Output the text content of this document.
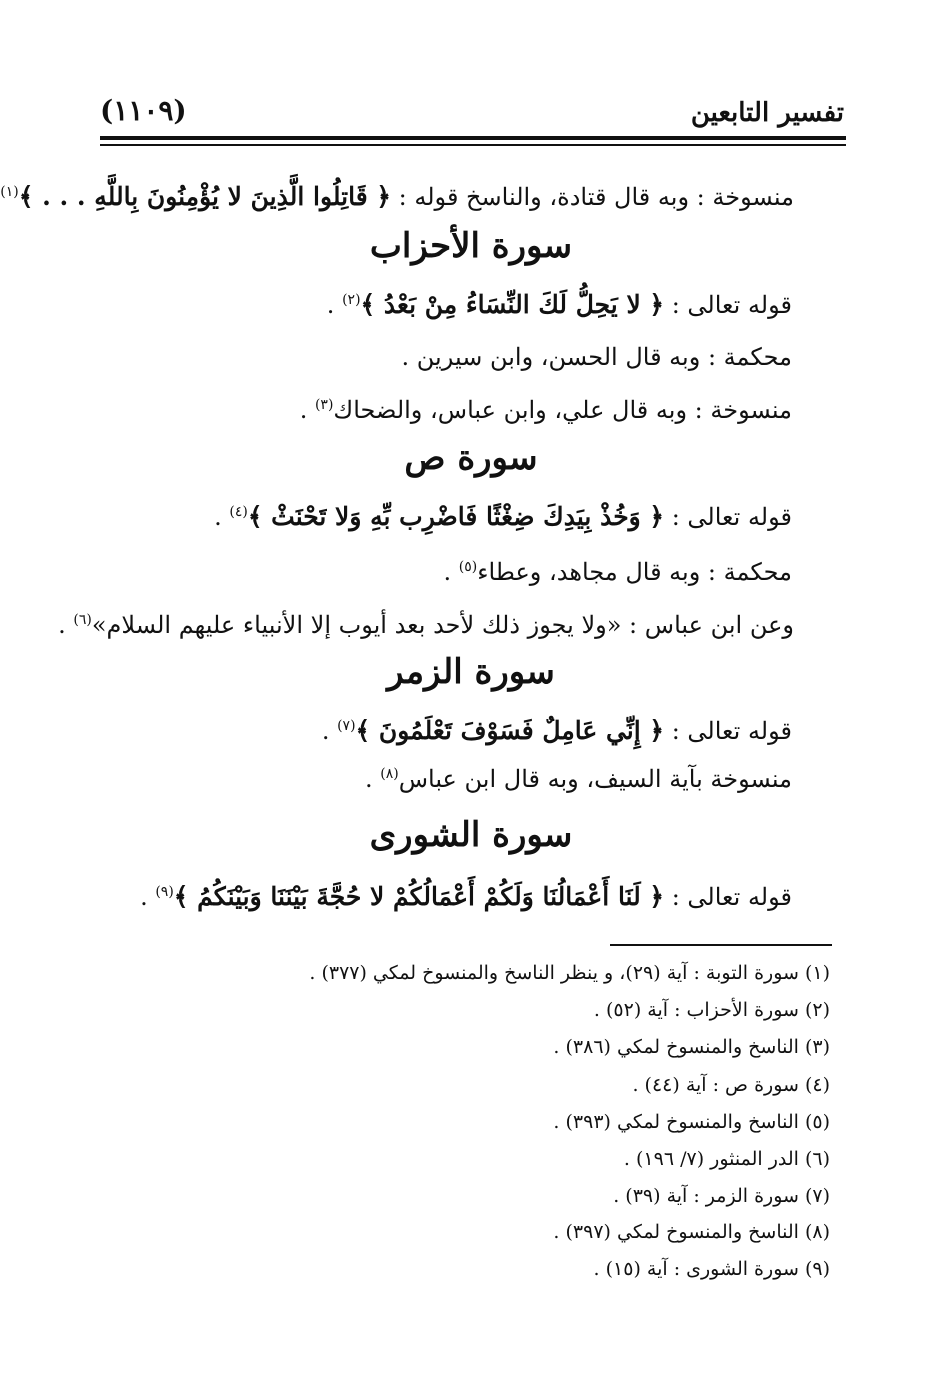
تفسير التابعين
(١١٠٩)
منسوخة : وبه قال قتادة، والناسخ قوله : ﴿ قَاتِلُوا الَّذِينَ لا يُؤْمِنُونَ بِاللَّهِ . . . ﴾$^{(١)}$
سورة الأحزاب
قوله تعالى : ﴿ لا يَحِلُّ لَكَ النِّسَاءُ مِنْ بَعْدُ ﴾$^{(٢)}$ .
محكمة : وبه قال الحسن، وابن سيرين .
منسوخة : وبه قال علي، وابن عباس، والضحاك$^{(٣)}$ .
سورة ص
قوله تعالى : ﴿ وَخُذْ بِيَدِكَ ضِغْثًا فَاضْرِب بِّهِ وَلا تَحْنَثْ ﴾$^{(٤)}$ .
محكمة : وبه قال مجاهد، وعطاء$^{(٥)}$ .
وعن ابن عباس : «ولا يجوز ذلك لأحد بعد أيوب إلا الأنبياء عليهم السلام»$^{(٦)}$ .
سورة الزمر
قوله تعالى : ﴿ إِنِّي عَامِلٌ فَسَوْفَ تَعْلَمُونَ ﴾$^{(٧)}$ .
منسوخة بآية السيف، وبه قال ابن عباس$^{(٨)}$ .
سورة الشورى
قوله تعالى : ﴿ لَنَا أَعْمَالُنَا وَلَكُمْ أَعْمَالُكُمْ لا حُجَّةَ بَيْنَنَا وَبَيْنَكُمُ ﴾$^{(٩)}$ .
(١)سورة التوبة : آية (٢٩)، و ينظر الناسخ والمنسوخ لمكي (٣٧٧) .
(٢)سورة الأحزاب : آية (٥٢) .
(٣)الناسخ والمنسوخ لمكي (٣٨٦) .
(٤)سورة ص : آية (٤٤) .
(٥)الناسخ والمنسوخ لمكي (٣٩٣) .
(٦)الدر المنثور (٧/ ١٩٦) .
(٧)سورة الزمر : آية (٣٩) .
(٨)الناسخ والمنسوخ لمكي (٣٩٧) .
(٩)سورة الشورى : آية (١٥) .
